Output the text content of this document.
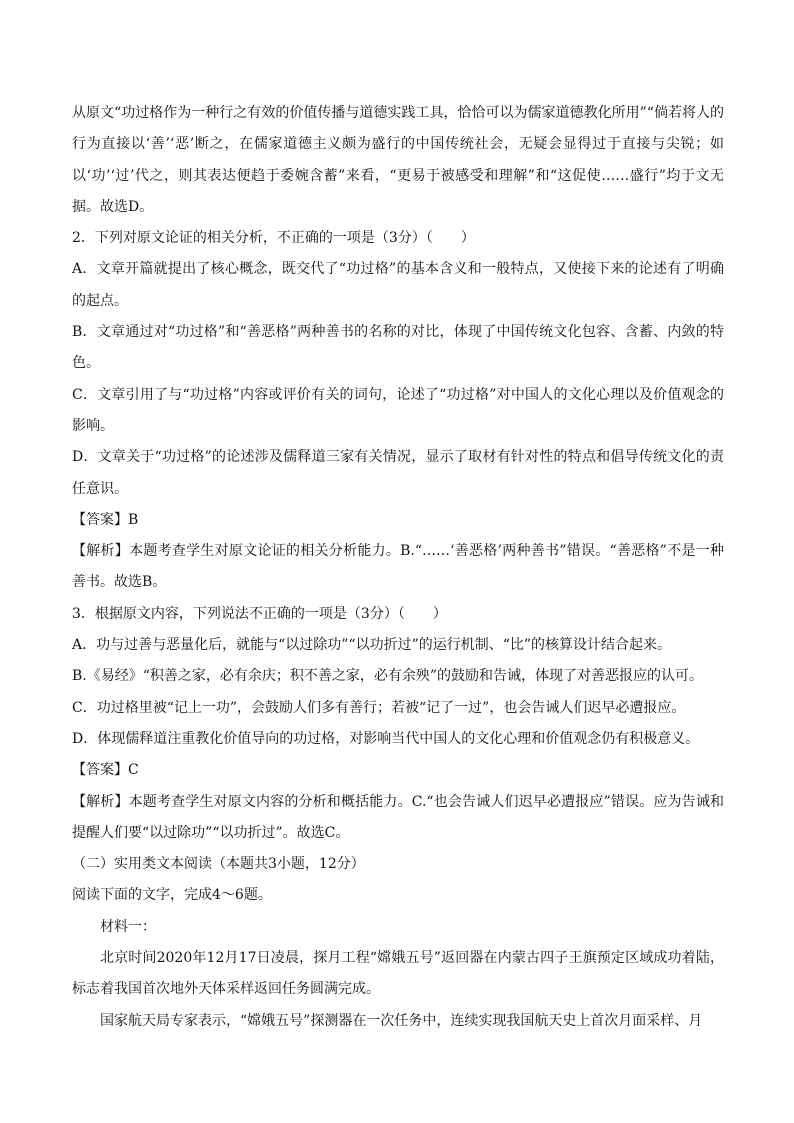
从原文“功过格作为一种行之有效的价值传播与道德实践工具，恰恰可以为儒家道德教化所用”“倘若将人的行为直接以‘善’‘恶’断之，在儒家道德主义颇为盛行的中国传统社会，无疑会显得过于直接与尖锐；如以‘功’‘过’代之，则其表达便趋于委婉含蓄”来看，“更易于被感受和理解”和“这促使……盛行”均于文无据。故选D。

2．下列对原文论证的相关分析，不正确的一项是（3分）（　　）

A．文章开篇就提出了核心概念，既交代了“功过格”的基本含义和一般特点，又使接下来的论述有了明确的起点。

B．文章通过对“功过格”和“善恶格”两种善书的名称的对比，体现了中国传统文化包容、含蓄、内敛的特色。

C．文章引用了与“功过格”内容或评价有关的词句，论述了“功过格”对中国人的文化心理以及价值观念的影响。

D．文章关于“功过格”的论述涉及儒释道三家有关情况，显示了取材有针对性的特点和倡导传统文化的责任意识。

【答案】B

【解析】本题考查学生对原文论证的相关分析能力。B.“……‘善恶格’两种善书”错误。“善恶格”不是一种善书。故选B。

3．根据原文内容，下列说法不正确的一项是（3分）（　　）

A．功与过善与恶量化后，就能与“以过除功”“以功折过”的运行机制、“比”的核算设计结合起来。

B.《易经》“积善之家，必有余庆；积不善之家，必有余殃”的鼓励和告诫，体现了对善恶报应的认可。

C．功过格里被“记上一功”，会鼓励人们多有善行；若被“记了一过”，也会告诫人们迟早必遭报应。

D．体现儒释道注重教化价值导向的功过格，对影响当代中国人的文化心理和价值观念仍有积极意义。

【答案】C

【解析】本题考查学生对原文内容的分析和概括能力。C.“也会告诫人们迟早必遭报应”错误。应为告诫和提醒人们要“以过除功”“以功折过”。故选C。

（二）实用类文本阅读（本题共3小题，12分）

阅读下面的文字，完成4～6题。

材料一：

北京时间2020年12月17日凌晨，探月工程“嫦娥五号”返回器在内蒙古四子王旗预定区域成功着陆，标志着我国首次地外天体采样返回任务圆满完成。

国家航天局专家表示，“嫦娥五号”探测器在一次任务中，连续实现我国航天史上首次月面采样、月
